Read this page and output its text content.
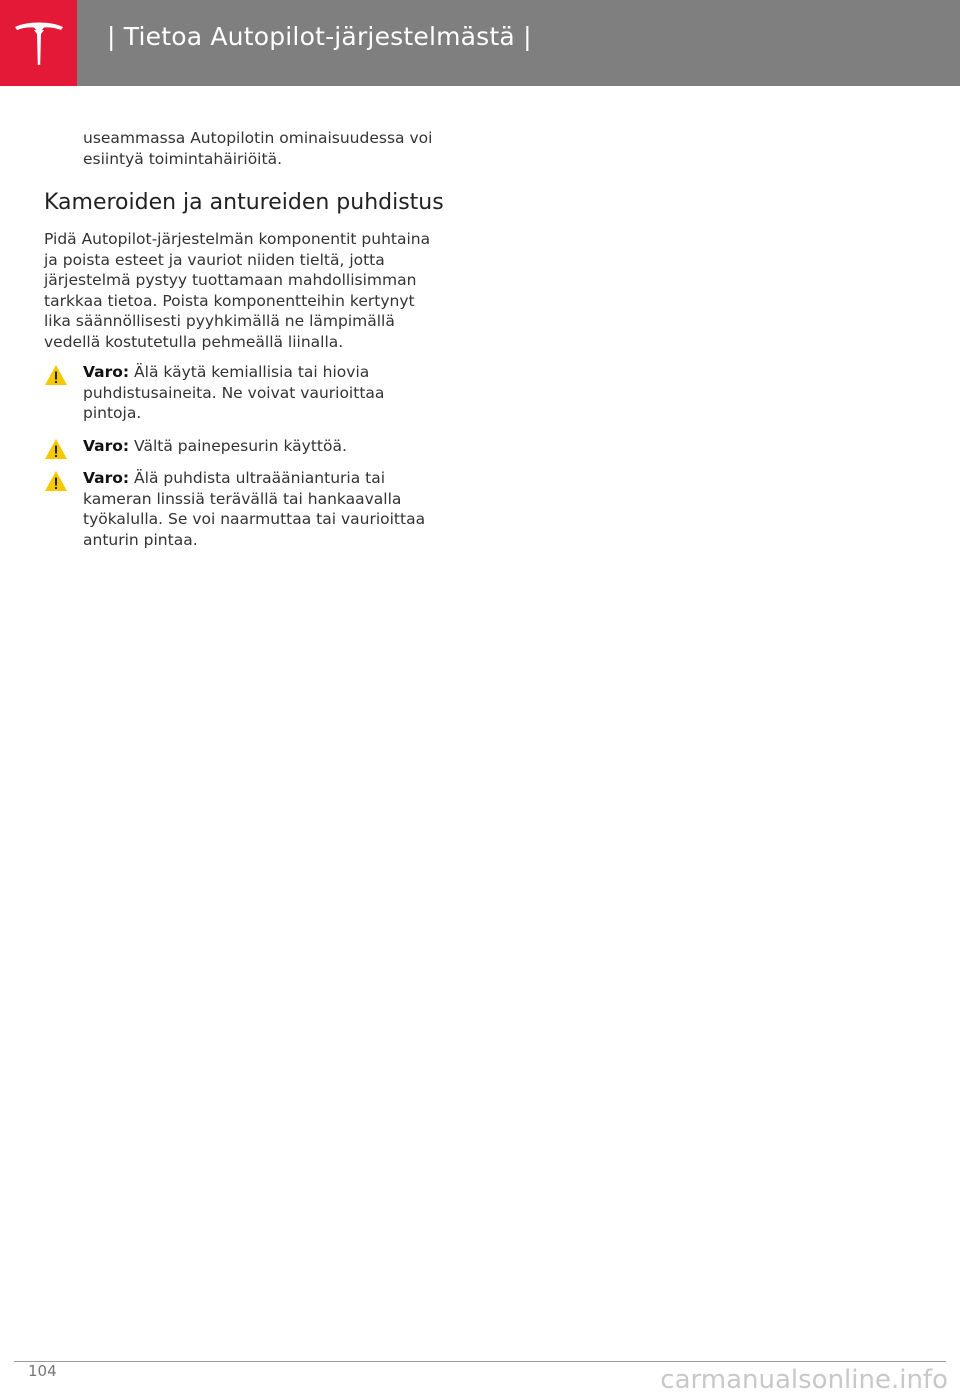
| Tietoa Autopilot-järjestelmästä |

useammassa Autopilotin ominaisuudessa voi esiintyä toimintahäiriöitä.

Kameroiden ja antureiden puhdistus

Pidä Autopilot-järjestelmän komponentit puhtaina ja poista esteet ja vauriot niiden tieltä, jotta järjestelmä pystyy tuottamaan mahdollisimman tarkkaa tietoa. Poista komponentteihin kertynyt lika säännöllisesti pyyhkimällä ne lämpimällä vedellä kostutetulla pehmeällä liinalla.

Varo: Älä käytä kemiallisia tai hiovia puhdistusaineita. Ne voivat vaurioittaa pintoja.
Varo: Vältä painepesurin käyttöä.
Varo: Älä puhdista ultraäänianturia tai kameran linssiä terävällä tai hankaavalla työkalulla. Se voi naarmuttaa tai vaurioittaa anturin pintaa.
104	carmanualsonline.info
